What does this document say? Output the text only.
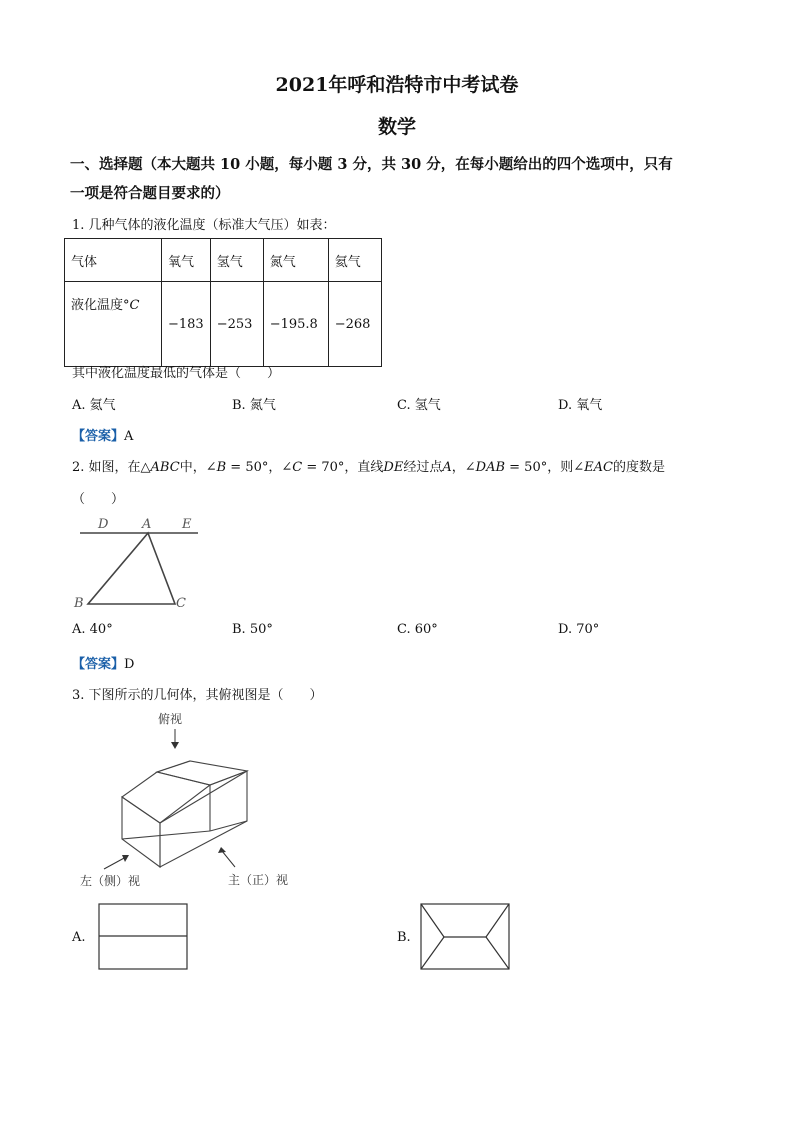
2021年呼和浩特市中考试卷
数学
一、选择题（本大题共 10 小题，每小题 3 分，共 30 分，在每小题给出的四个选项中，只有
一项是符合题目要求的）
1. 几种气体的液化温度（标准大气压）如表：
气体	氧气	氢气	氮气	氦气
液化温度°C	−183	−253	−195.8	−268
其中液化温度最低的气体是（　　）
A. 氦气	B. 氮气	C. 氢气	D. 氧气
【答案】A
2. 如图，在△ABC中，∠B = 50°，∠C = 70°，直线DE经过点A，∠DAB = 50°，则∠EAC的度数是
（　　）
D	A E
B	C
A. 40°	B. 50°	C. 60°	D. 70°
【答案】D
3. 下图所示的几何体，其俯视图是（　　）
俯视
左（侧）视	主（正）视
A.	B.
